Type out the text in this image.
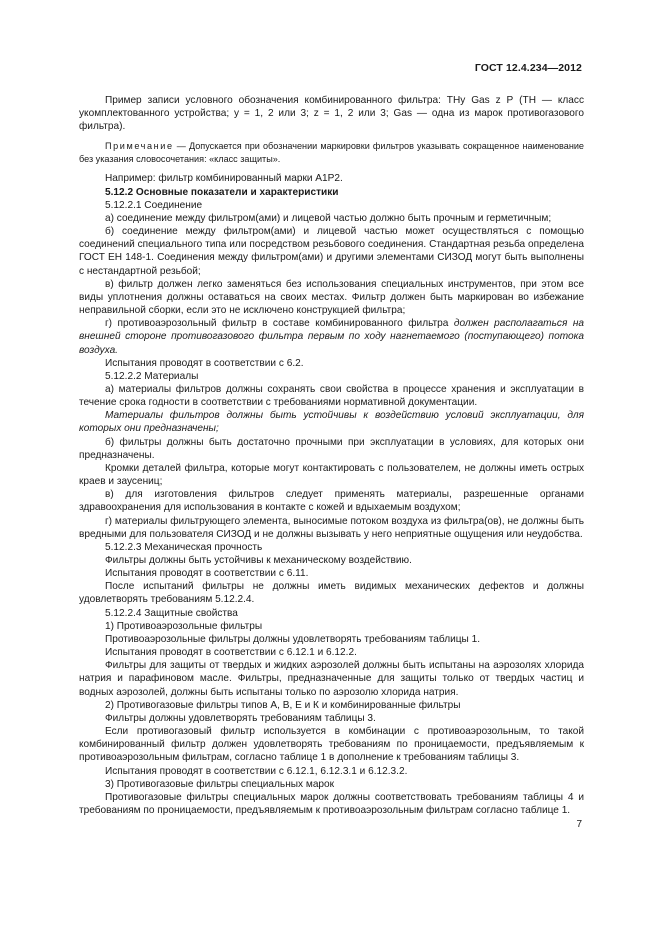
ГОСТ 12.4.234—2012

Пример записи условного обозначения комбинированного фильтра: ТНу Gas z Р (ТН — класс укомплектованного устройства; у = 1, 2 или 3; z = 1, 2 или 3; Gas — одна из марок противогазового фильтра).

Примечание — Допускается при обозначении маркировки фильтров указывать сокращенное наименование без указания словосочетания: «класс защиты».

Например: фильтр комбинированный марки А1Р2.

5.12.2 Основные показатели и характеристики

5.12.2.1 Соединение

а) соединение между фильтром(ами) и лицевой частью должно быть прочным и герметичным;

б) соединение между фильтром(ами) и лицевой частью может осуществляться с помощью соединений специального типа или посредством резьбового соединения. Стандартная резьба определена ГОСТ ЕН 148-1. Соединения между фильтром(ами) и другими элементами СИЗОД могут быть выполнены с нестандартной резьбой;

в) фильтр должен легко заменяться без использования специальных инструментов, при этом все виды уплотнения должны оставаться на своих местах. Фильтр должен быть маркирован во избежание неправильной сборки, если это не исключено конструкцией фильтра;

г) противоаэрозольный фильтр в составе комбинированного фильтра должен располагаться на внешней стороне противогазового фильтра первым по ходу нагнетаемого (поступающего) потока воздуха.

Испытания проводят в соответствии с 6.2.

5.12.2.2 Материалы

а) материалы фильтров должны сохранять свои свойства в процессе хранения и эксплуатации в течение срока годности в соответствии с требованиями нормативной документации.

Материалы фильтров должны быть устойчивы к воздействию условий эксплуатации, для которых они предназначены;

б) фильтры должны быть достаточно прочными при эксплуатации в условиях, для которых они предназначены.

Кромки деталей фильтра, которые могут контактировать с пользователем, не должны иметь острых краев и заусениц;

в) для изготовления фильтров следует применять материалы, разрешенные органами здравоохранения для использования в контакте с кожей и вдыхаемым воздухом;

г) материалы фильтрующего элемента, выносимые потоком воздуха из фильтра(ов), не должны быть вредными для пользователя СИЗОД и не должны вызывать у него неприятные ощущения или неудобства.

5.12.2.3 Механическая прочность

Фильтры должны быть устойчивы к механическому воздействию.

Испытания проводят в соответствии с 6.11.

После испытаний фильтры не должны иметь видимых механических дефектов и должны удовлетворять требованиям 5.12.2.4.

5.12.2.4 Защитные свойства

1) Противоаэрозольные фильтры

Противоаэрозольные фильтры должны удовлетворять требованиям таблицы 1.

Испытания проводят в соответствии с 6.12.1 и 6.12.2.

Фильтры для защиты от твердых и жидких аэрозолей должны быть испытаны на аэрозолях хлорида натрия и парафиновом масле. Фильтры, предназначенные для защиты только от твердых частиц и водных аэрозолей, должны быть испытаны только по аэрозолю хлорида натрия.

2) Противогазовые фильтры типов А, В, Е и К и комбинированные фильтры

Фильтры должны удовлетворять требованиям таблицы 3.

Если противогазовый фильтр используется в комбинации с противоаэрозольным, то такой комбинированный фильтр должен удовлетворять требованиям по проницаемости, предъявляемым к противоаэрозольным фильтрам, согласно таблице 1 в дополнение к требованиям таблицы 3.

Испытания проводят в соответствии с 6.12.1, 6.12.3.1 и 6.12.3.2.

3) Противогазовые фильтры специальных марок

Противогазовые фильтры специальных марок должны соответствовать требованиям таблицы 4 и требованиям по проницаемости, предъявляемым к противоаэрозольным фильтрам согласно таблице 1.

7
